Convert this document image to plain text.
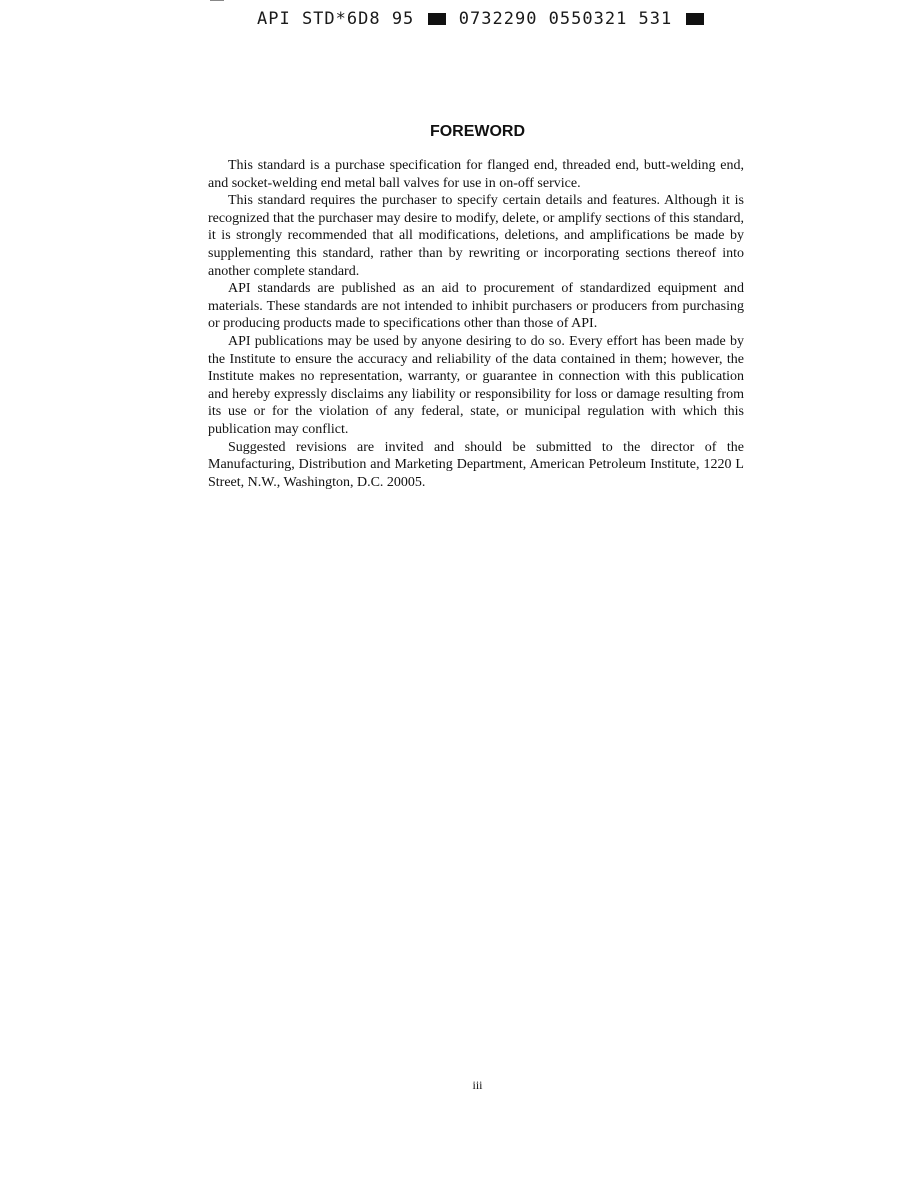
API STD*6D8 95	0732290 0550321 531
FOREWORD

This standard is a purchase specification for flanged end, threaded end, butt-welding end, and socket-welding end metal ball valves for use in on-off service.

This standard requires the purchaser to specify certain details and features. Although it is recognized that the purchaser may desire to modify, delete, or amplify sections of this standard, it is strongly recommended that all modifications, deletions, and amplifications be made by supplementing this standard, rather than by rewriting or incorporating sections thereof into another complete standard.

API standards are published as an aid to procurement of standardized equipment and materials. These standards are not intended to inhibit purchasers or producers from purchasing or producing products made to specifications other than those of API.

API publications may be used by anyone desiring to do so. Every effort has been made by the Institute to ensure the accuracy and reliability of the data contained in them; however, the Institute makes no representation, warranty, or guarantee in connection with this publication and hereby expressly disclaims any liability or responsibility for loss or damage resulting from its use or for the violation of any federal, state, or municipal regulation with which this publication may conflict.

Suggested revisions are invited and should be submitted to the director of the Manufacturing, Distribution and Marketing Department, American Petroleum Institute, 1220 L Street, N.W., Washington, D.C. 20005.

iii
